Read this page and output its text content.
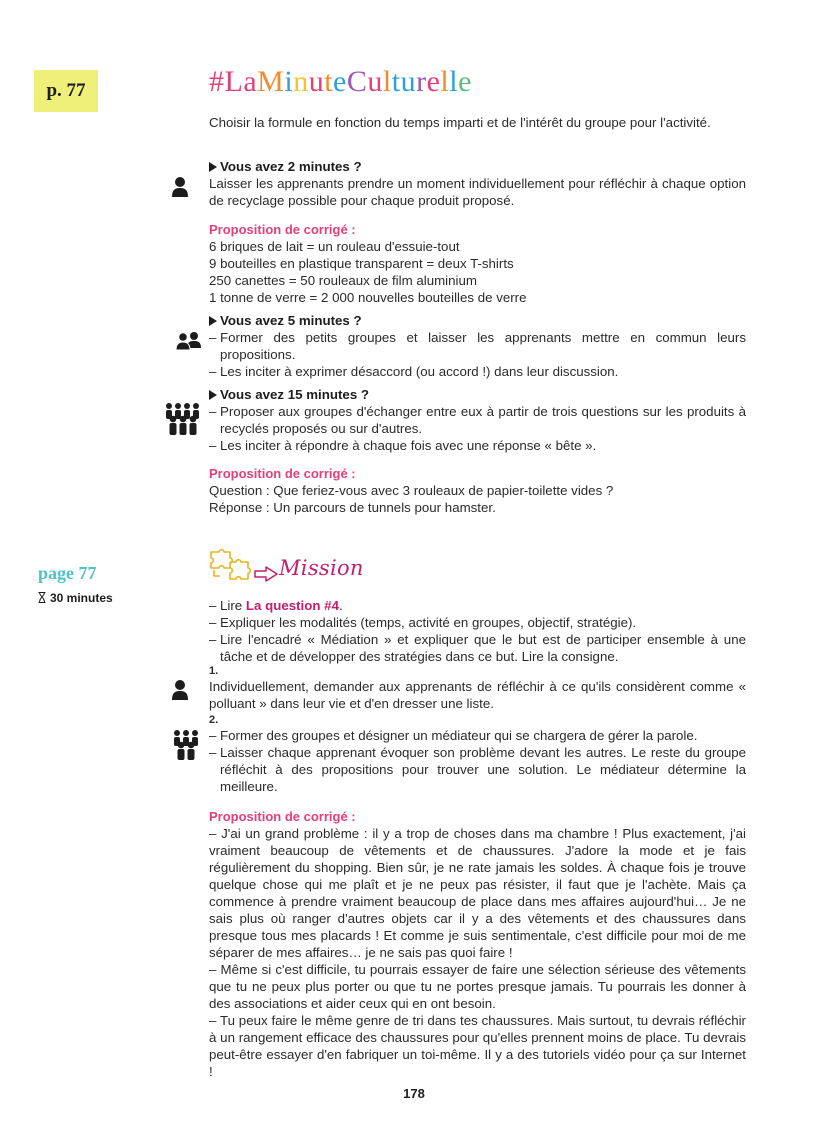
p. 77	#LaMinuteCulturelle
Choisir la formule en fonction du temps imparti et de l'intérêt du groupe pour l'activité.
Vous avez 2 minutes ?
Laisser les apprenants prendre un moment individuellement pour réfléchir à chaque option de recyclage possible pour chaque produit proposé.
Proposition de corrigé :
6 briques de lait = un rouleau d'essuie-tout
9 bouteilles en plastique transparent = deux T-shirts
250 canettes = 50 rouleaux de film aluminium
1 tonne de verre = 2 000 nouvelles bouteilles de verre
Vous avez 5 minutes ?
– Former des petits groupes et laisser les apprenants mettre en commun leurs propositions.
– Les inciter à exprimer désaccord (ou accord !) dans leur discussion.
Vous avez 15 minutes ?
– Proposer aux groupes d'échanger entre eux à partir de trois questions sur les produits à recyclés proposés ou sur d'autres.
– Les inciter à répondre à chaque fois avec une réponse « bête ».
Proposition de corrigé :
Question : Que feriez-vous avec 3 rouleaux de papier-toilette vides ?
Réponse : Un parcours de tunnels pour hamster.
page 77
30 minutes
Mission
– Lire La question #4.
– Expliquer les modalités (temps, activité en groupes, objectif, stratégie).
– Lire l'encadré « Médiation » et expliquer que le but est de participer ensemble à une tâche et de développer des stratégies dans ce but. Lire la consigne.
1.
Individuellement, demander aux apprenants de réfléchir à ce qu'ils considèrent comme « polluant » dans leur vie et d'en dresser une liste.
2.
– Former des groupes et désigner un médiateur qui se chargera de gérer la parole.
– Laisser chaque apprenant évoquer son problème devant les autres. Le reste du groupe réfléchit à des propositions pour trouver une solution. Le médiateur détermine la meilleure.
Proposition de corrigé :
– J'ai un grand problème : il y a trop de choses dans ma chambre ! Plus exactement, j'ai vraiment beaucoup de vêtements et de chaussures. J'adore la mode et je fais régulièrement du shopping. Bien sûr, je ne rate jamais les soldes. À chaque fois je trouve quelque chose qui me plaît et je ne peux pas résister, il faut que je l'achète. Mais ça commence à prendre vraiment beaucoup de place dans mes affaires aujourd'hui… Je ne sais plus où ranger d'autres objets car il y a des vêtements et des chaussures dans presque tous mes placards ! Et comme je suis sentimentale, c'est difficile pour moi de me séparer de mes affaires… je ne sais pas quoi faire !
– Même si c'est difficile, tu pourrais essayer de faire une sélection sérieuse des vêtements que tu ne peux plus porter ou que tu ne portes presque jamais. Tu pourrais les donner à des associations et aider ceux qui en ont besoin.
– Tu peux faire le même genre de tri dans tes chaussures. Mais surtout, tu devrais réfléchir à un rangement efficace des chaussures pour qu'elles prennent moins de place. Tu devrais peut-être essayer d'en fabriquer un toi-même. Il y a des tutoriels vidéo pour ça sur Internet !
178
